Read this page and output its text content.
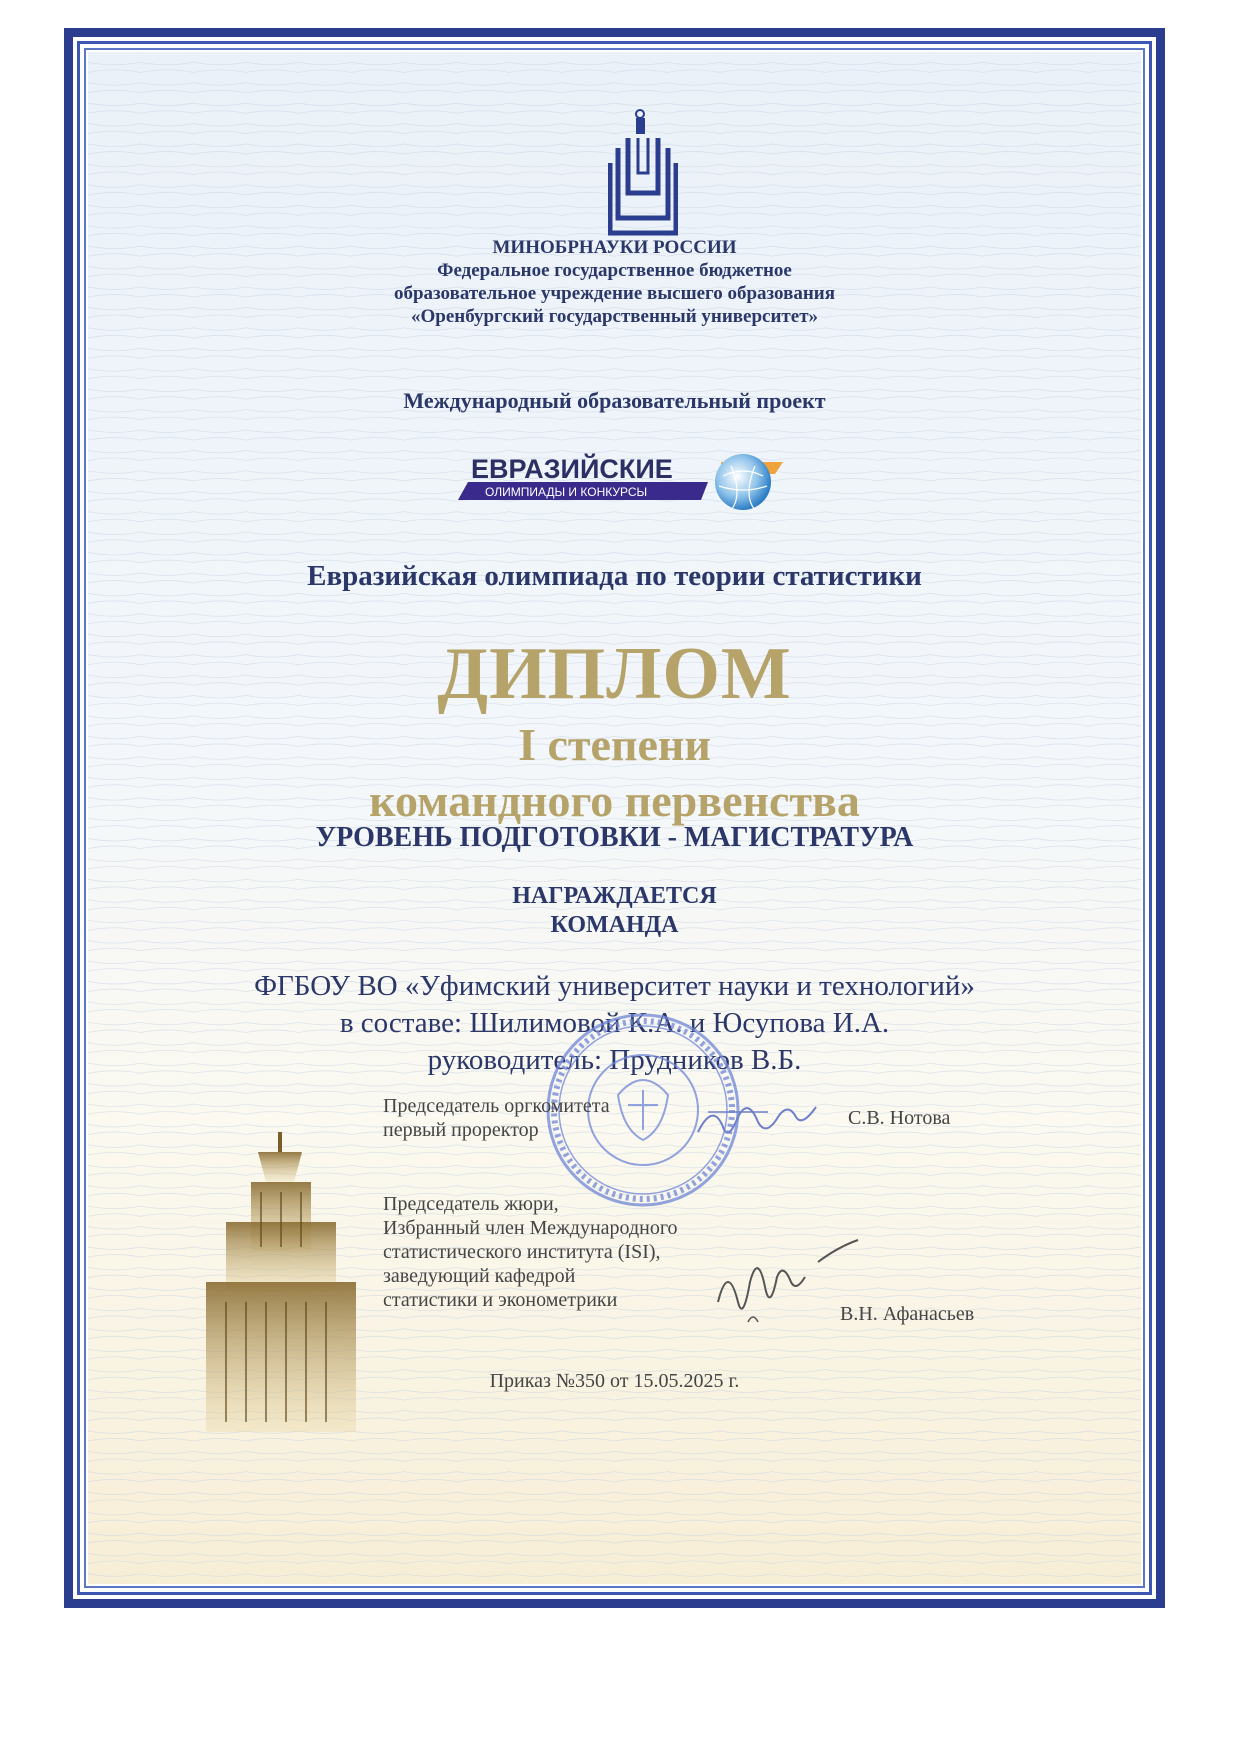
МИНОБРНАУКИ РОССИИ
Федеральное государственное бюджетное
образовательное учреждение высшего образования
«Оренбургский государственный университет»
Международный образовательный проект
ЕВРАЗИЙСКИЕ
ОЛИМПИАДЫ И КОНКУРСЫ
Евразийская олимпиада по теории статистики
ДИПЛОМ
I степени
командного первенства
УРОВЕНЬ ПОДГОТОВКИ - МАГИСТРАТУРА
НАГРАЖДАЕТСЯ
КОМАНДА
ФГБОУ ВО «Уфимский университет науки и технологий»
в составе: Шилимовой К.А. и Юсупова И.А.
руководитель: Прудников В.Б.
Председатель оргкомитета
первый проректор
С.В. Нотова
Председатель жюри,
Избранный член Международного
статистического института (ISI),
заведующий кафедрой
статистики и эконометрики
В.Н. Афанасьев
Приказ №350 от 15.05.2025 г.
